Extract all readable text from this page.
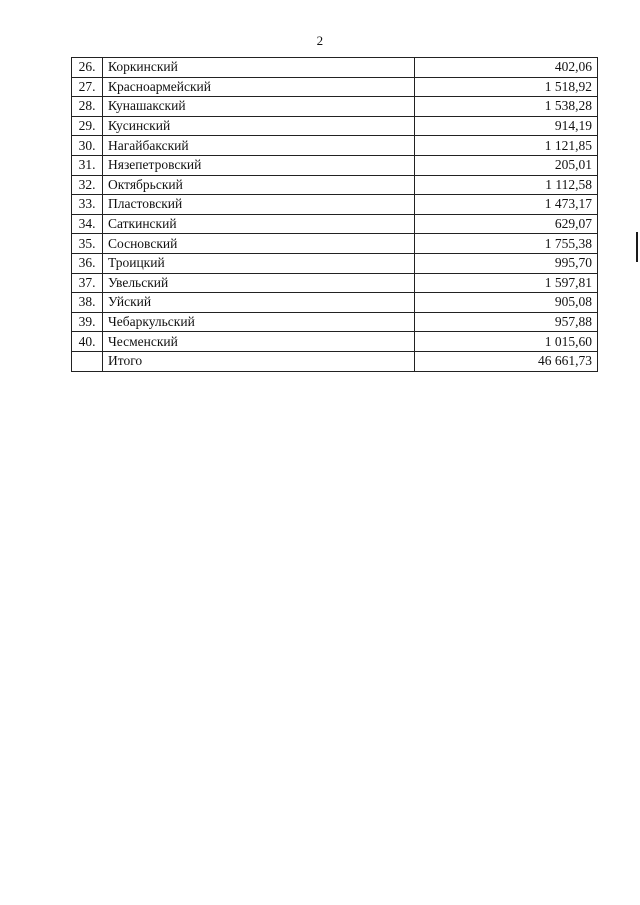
2
26.	Коркинский	402,06
27.	Красноармейский	1 518,92
28.	Кунашакский	1 538,28
29.	Кусинский	914,19
30.	Нагайбакский	1 121,85
31.	Нязепетровский	205,01
32.	Октябрьский	1 112,58
33.	Пластовский	1 473,17
34.	Саткинский	629,07
35.	Сосновский	1 755,38
36.	Троицкий	995,70
37.	Увельский	1 597,81
38.	Уйский	905,08
39.	Чебаркульский	957,88
40.	Чесменский	1 015,60
	Итого	46 661,73
